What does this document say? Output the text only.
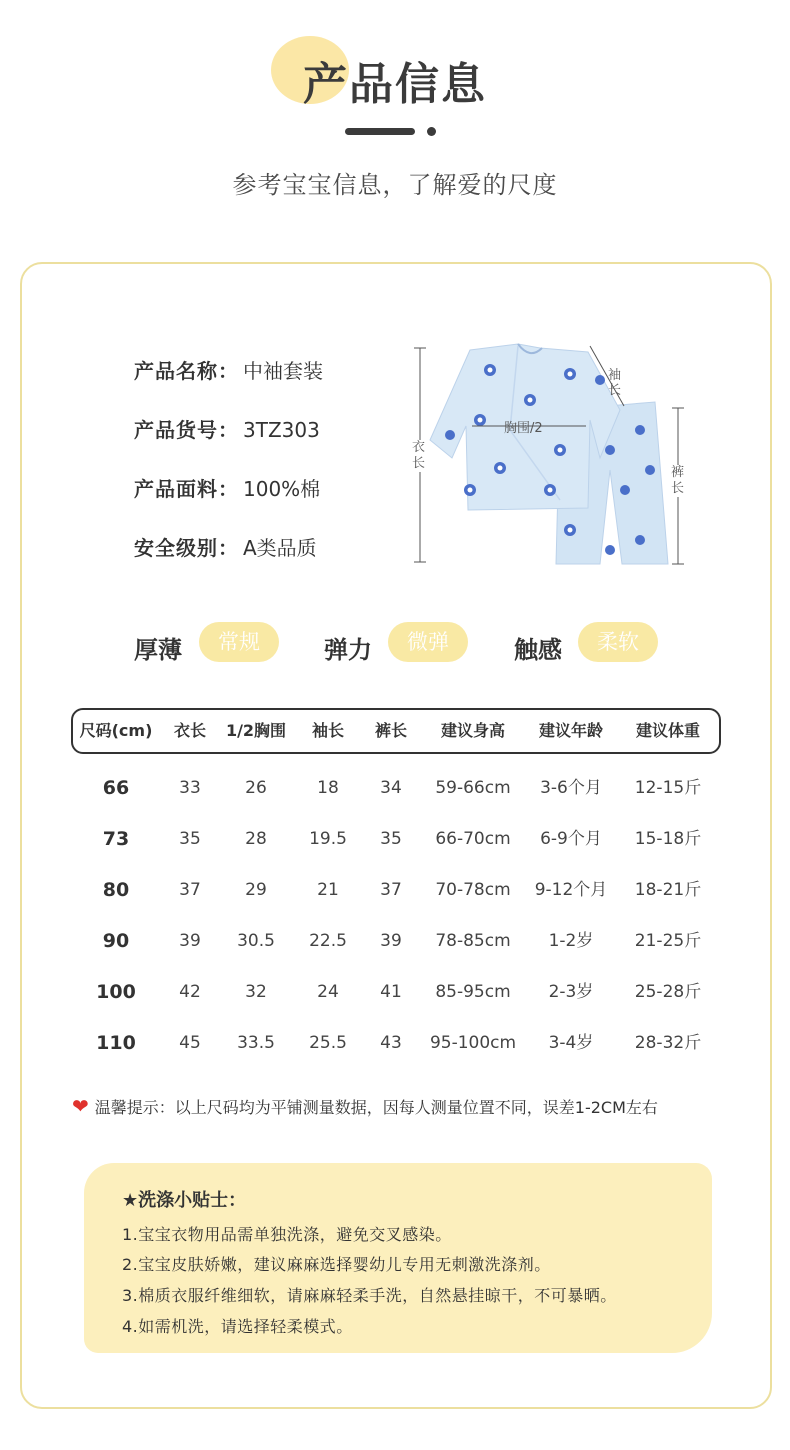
产品信息
参考宝宝信息，了解爱的尺度
产品名称： 中袖套装
产品货号： 3TZ303
产品面料： 100%棉
安全级别： A类品质
衣长
胸围/2
袖长
裤长
厚薄	常规	弹力	微弹	触感	柔软
尺码(cm)	衣长	1/2胸围	袖长	裤长	建议身高	建议年龄	建议体重
66	33	26	18	34	59-66cm	3-6个月	12-15斤
73	35	28	19.5	35	66-70cm	6-9个月	15-18斤
80	37	29	21	37	70-78cm	9-12个月	18-21斤
90	39	30.5	22.5	39	78-85cm	1-2岁	21-25斤
100	42	32	24	41	85-95cm	2-3岁	25-28斤
110	45	33.5	25.5	43	95-100cm	3-4岁	28-32斤
❤ 温馨提示：以上尺码均为平铺测量数据，因每人测量位置不同，误差1-2CM左右
★洗涤小贴士：
1.宝宝衣物用品需单独洗涤，避免交叉感染。
2.宝宝皮肤娇嫩，建议麻麻选择婴幼儿专用无刺激洗涤剂。
3.棉质衣服纤维细软，请麻麻轻柔手洗，自然悬挂晾干，不可暴晒。
4.如需机洗，请选择轻柔模式。
